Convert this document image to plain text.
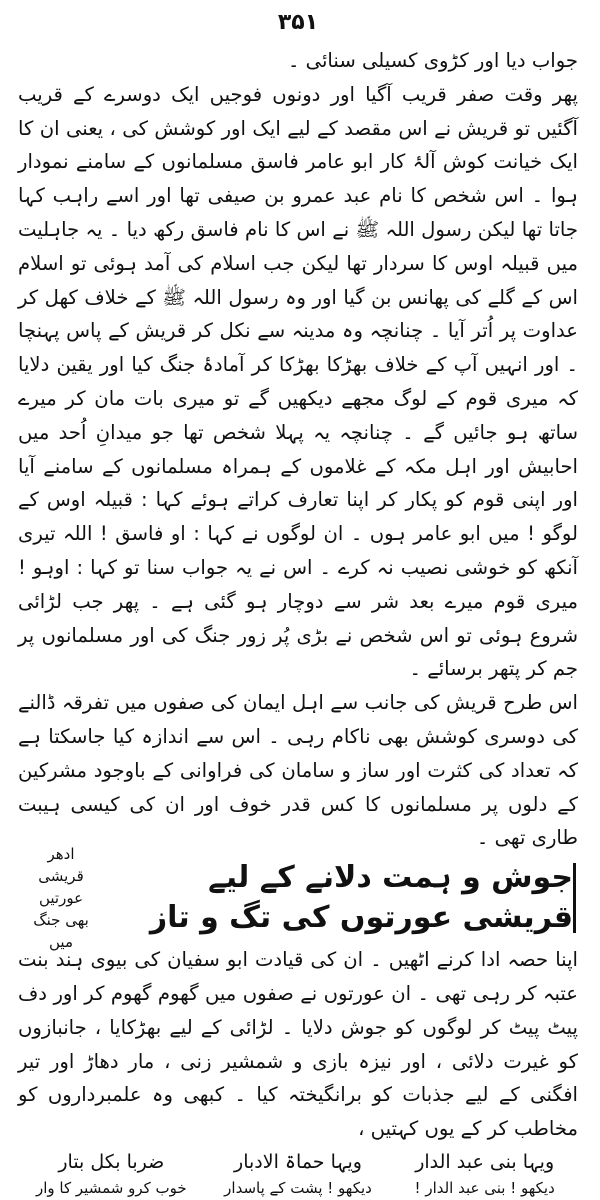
۳۵۱

جواب دیا اور کڑوی کسیلی سنائی ۔

پھر وقت صفر قریب آگیا اور دونوں فوجیں ایک دوسرے کے قریب آگئیں تو قریش نے اس مقصد کے لیے ایک اور کوشش کی ، یعنی ان کا ایک خیانت کوش آلۂ کار ابو عامر فاسق مسلمانوں کے سامنے نمودار ہوا ۔ اس شخص کا نام عبد عمرو بن صیفی تھا اور اسے راہب کہا جاتا تھا لیکن رسول اللہ ﷺ نے اس کا نام فاسق رکھ دیا ۔ یہ جاہلیت میں قبیلہ اوس کا سردار تھا لیکن جب اسلام کی آمد ہوئی تو اسلام اس کے گلے کی پھانس بن گیا اور وہ رسول اللہ ﷺ کے خلاف کھل کر عداوت پر اُتر آیا ۔ چنانچہ وہ مدینہ سے نکل کر قریش کے پاس پہنچا ۔ اور انہیں آپ کے خلاف بھڑکا بھڑکا کر آمادۂ جنگ کیا اور یقین دلایا کہ میری قوم کے لوگ مجھے دیکھیں گے تو میری بات مان کر میرے ساتھ ہو جائیں گے ۔ چنانچہ یہ پہلا شخص تھا جو میدانِ اُحد میں احابیش اور اہل مکہ کے غلاموں کے ہمراہ مسلمانوں کے سامنے آیا اور اپنی قوم کو پکار کر اپنا تعارف کراتے ہوئے کہا : قبیلہ اوس کے لوگو ! میں ابو عامر ہوں ۔ ان لوگوں نے کہا : او فاسق ! اللہ تیری آنکھ کو خوشی نصیب نہ کرے ۔ اس نے یہ جواب سنا تو کہا : اوہو ! میری قوم میرے بعد شر سے دوچار ہو گئی ہے ۔ پھر جب لڑائی شروع ہوئی تو اس شخص نے بڑی پُر زور جنگ کی اور مسلمانوں پر جم کر پتھر برسائے ۔

اس طرح قریش کی جانب سے اہل ایمان کی صفوں میں تفرقہ ڈالنے کی دوسری کوشش بھی ناکام رہی ۔ اس سے اندازہ کیا جاسکتا ہے کہ تعداد کی کثرت اور ساز و سامان کی فراوانی کے باوجود مشرکین کے دلوں پر مسلمانوں کا کس قدر خوف اور ان کی کیسی ہیبت طاری تھی ۔

جوش و ہمت دلانے کے لیے قریشی عورتوں کی تگ و تاز
ادھر قریشی عورتیں بھی جنگ میں

اپنا حصہ ادا کرنے اٹھیں ۔ ان کی قیادت ابو سفیان کی بیوی ہند بنت عتبہ کر رہی تھی ۔ ان عورتوں نے صفوں میں گھوم گھوم کر اور دف پیٹ پیٹ کر لوگوں کو جوش دلایا ۔ لڑائی کے لیے بھڑکایا ، جانبازوں کو غیرت دلائی ، اور نیزہ بازی و شمشیر زنی ، مار دھاڑ اور تیر افگنی کے لیے جذبات کو برانگیختہ کیا ۔ کبھی وہ علمبرداروں کو مخاطب کر کے یوں کہتیں ،

ویہا بنی عبد الدار
دیکھو ! بنی عبد الدار !
ویہا حماۃ الادبار
دیکھو ! پشت کے پاسدار
ضربا بکل بتار
خوب کرو شمشیر کا وار
